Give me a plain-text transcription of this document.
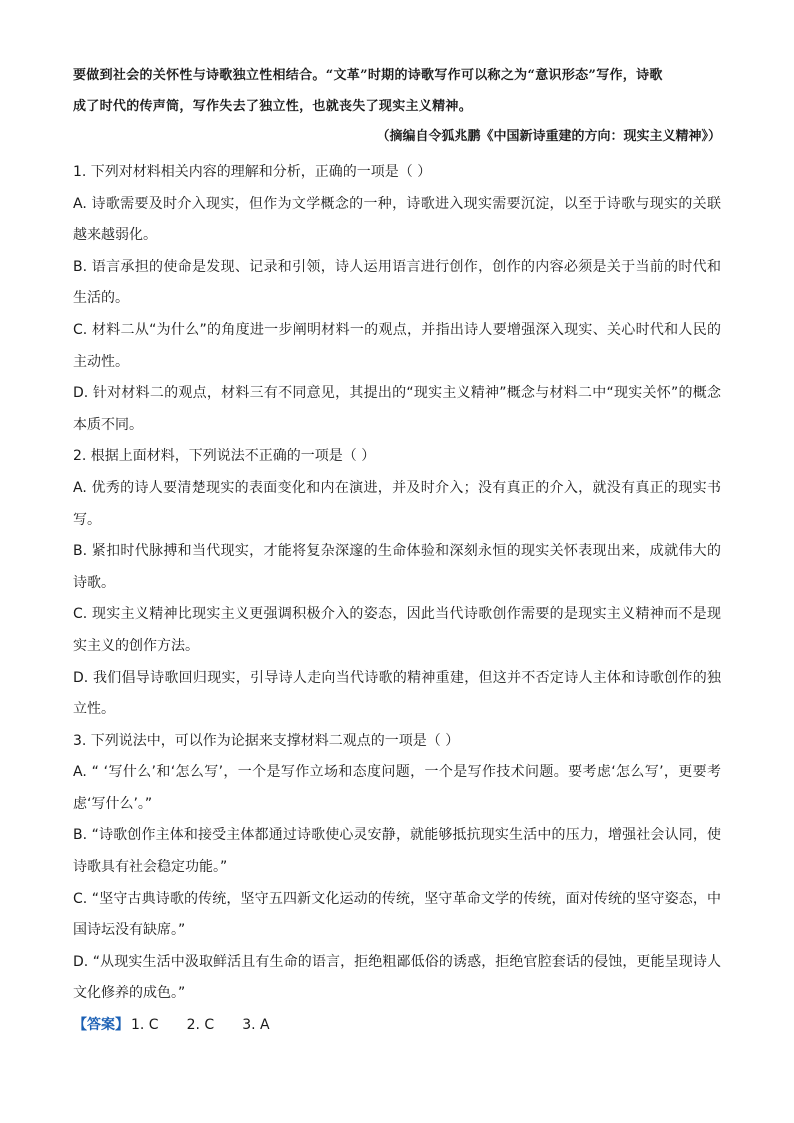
要做到社会的关怀性与诗歌独立性相结合。“文革”时期的诗歌写作可以称之为“意识形态”写作，诗歌

成了时代的传声筒，写作失去了独立性，也就丧失了现实主义精神。

（摘编自令狐兆鹏《中国新诗重建的方向：现实主义精神》）

1. 下列对材料相关内容的理解和分析，正确的一项是（ ）

A. 诗歌需要及时介入现实，但作为文学概念的一种，诗歌进入现实需要沉淀，以至于诗歌与现实的关联越来越弱化。

B. 语言承担的使命是发现、记录和引领，诗人运用语言进行创作，创作的内容必须是关于当前的时代和生活的。

C. 材料二从“为什么”的角度进一步阐明材料一的观点，并指出诗人要增强深入现实、关心时代和人民的主动性。

D. 针对材料二的观点，材料三有不同意见，其提出的“现实主义精神”概念与材料二中“现实关怀”的概念本质不同。

2. 根据上面材料，下列说法不正确的一项是（ ）

A. 优秀的诗人要清楚现实的表面变化和内在演进，并及时介入；没有真正的介入，就没有真正的现实书写。

B. 紧扣时代脉搏和当代现实，才能将复杂深邃的生命体验和深刻永恒的现实关怀表现出来，成就伟大的诗歌。

C. 现实主义精神比现实主义更强调积极介入的姿态，因此当代诗歌创作需要的是现实主义精神而不是现实主义的创作方法。

D. 我们倡导诗歌回归现实，引导诗人走向当代诗歌的精神重建，但这并不否定诗人主体和诗歌创作的独立性。

3. 下列说法中，可以作为论据来支撑材料二观点的一项是（ ）

A. “ ‘写什么’和‘怎么写’，一个是写作立场和态度问题，一个是写作技术问题。要考虑‘怎么写’，更要考虑‘写什么’。”

B. “诗歌创作主体和接受主体都通过诗歌使心灵安静，就能够抵抗现实生活中的压力，增强社会认同，使诗歌具有社会稳定功能。”

C. “坚守古典诗歌的传统，坚守五四新文化运动的传统，坚守革命文学的传统，面对传统的坚守姿态，中国诗坛没有缺席。”

D. “从现实生活中汲取鲜活且有生命的语言，拒绝粗鄙低俗的诱惑，拒绝官腔套话的侵蚀，更能呈现诗人文化修养的成色。”

【答案】 1. C 2. C 3. A
